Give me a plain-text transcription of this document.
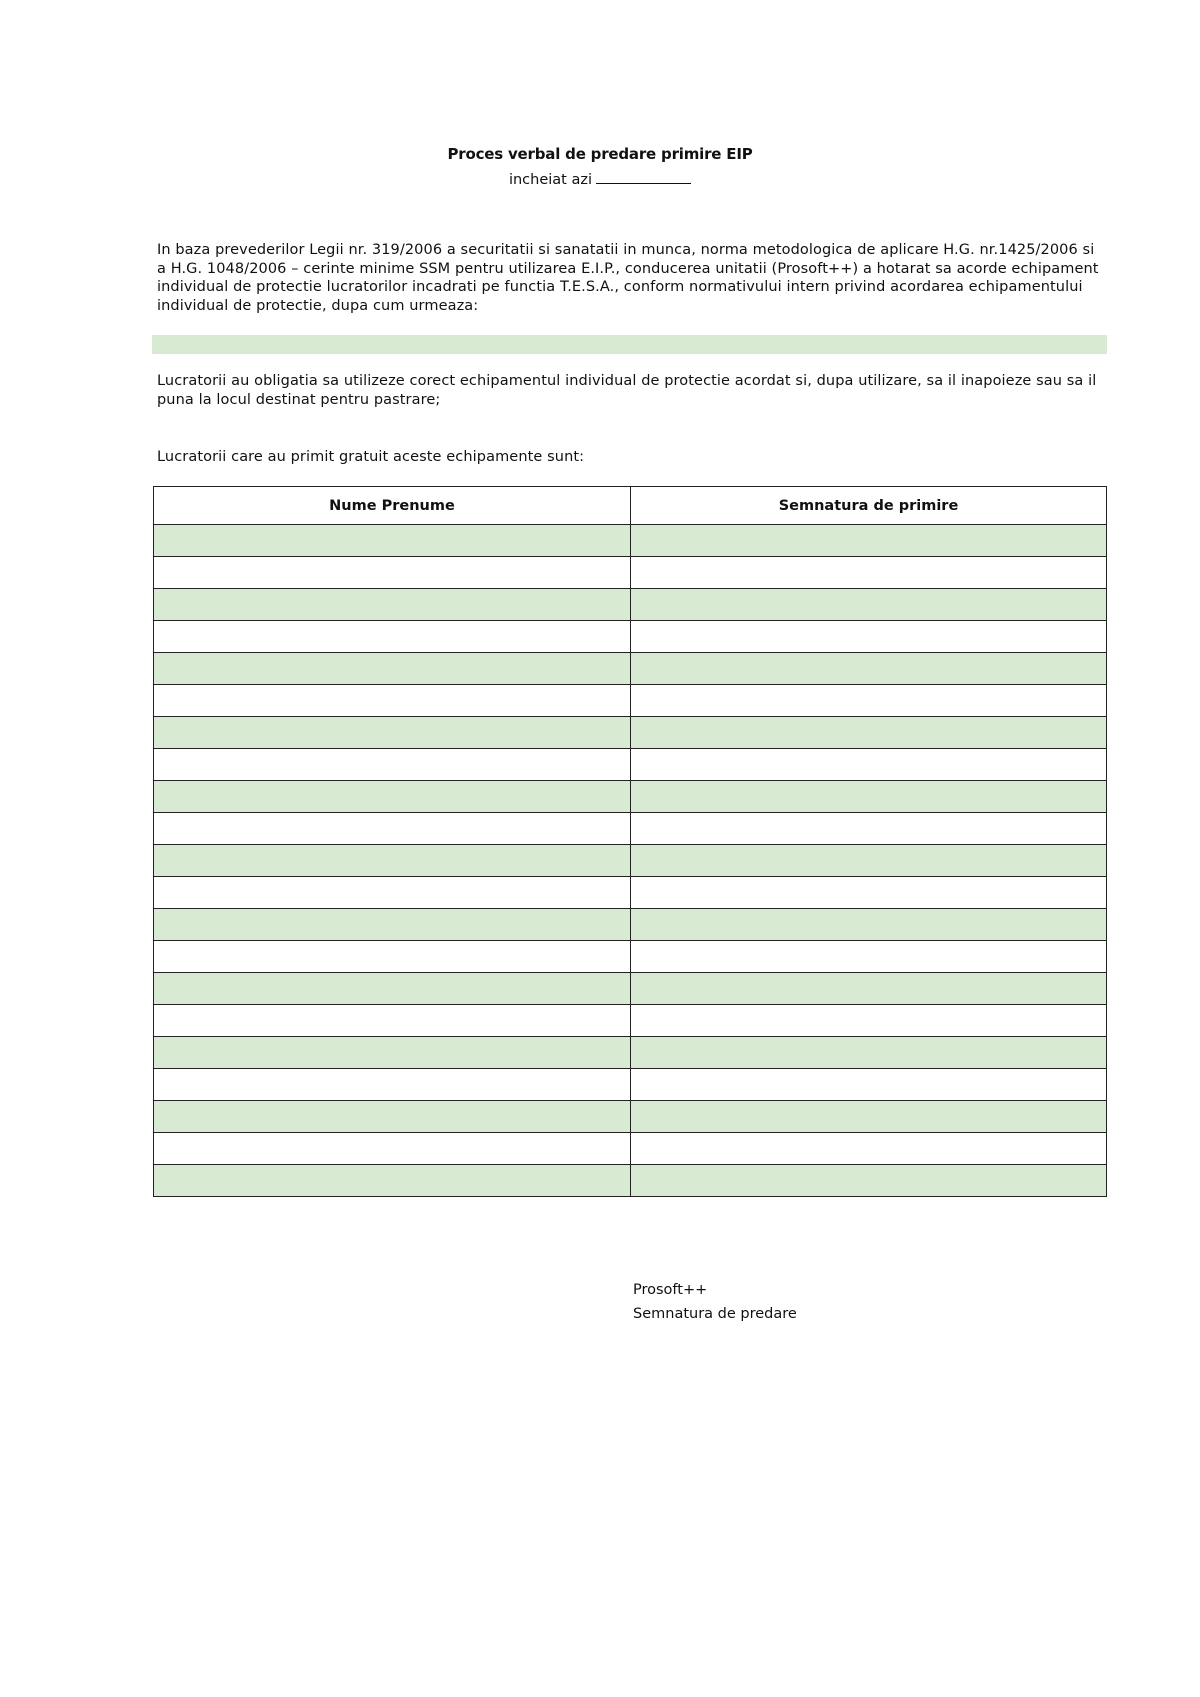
Proces verbal de predare primire EIP
incheiat azi
In baza prevederilor Legii nr. 319/2006 a securitatii si sanatatii in munca, norma metodologica de aplicare H.G. nr.1425/2006 si a H.G. 1048/2006 – cerinte minime SSM pentru utilizarea E.I.P., conducerea unitatii (Prosoft++) a hotarat sa acorde echipament individual de protectie lucratorilor incadrati pe functia T.E.S.A., conform normativului intern privind acordarea echipamentului individual de protectie, dupa cum urmeaza:
Lucratorii au obligatia sa utilizeze corect echipamentul individual de protectie acordat si, dupa utilizare, sa il inapoieze sau sa il puna la locul destinat pentru pastrare;
Lucratorii care au primit gratuit aceste echipamente sunt:
Nume Prenume	Semnatura de primire

Prosoft++
Semnatura de predare
